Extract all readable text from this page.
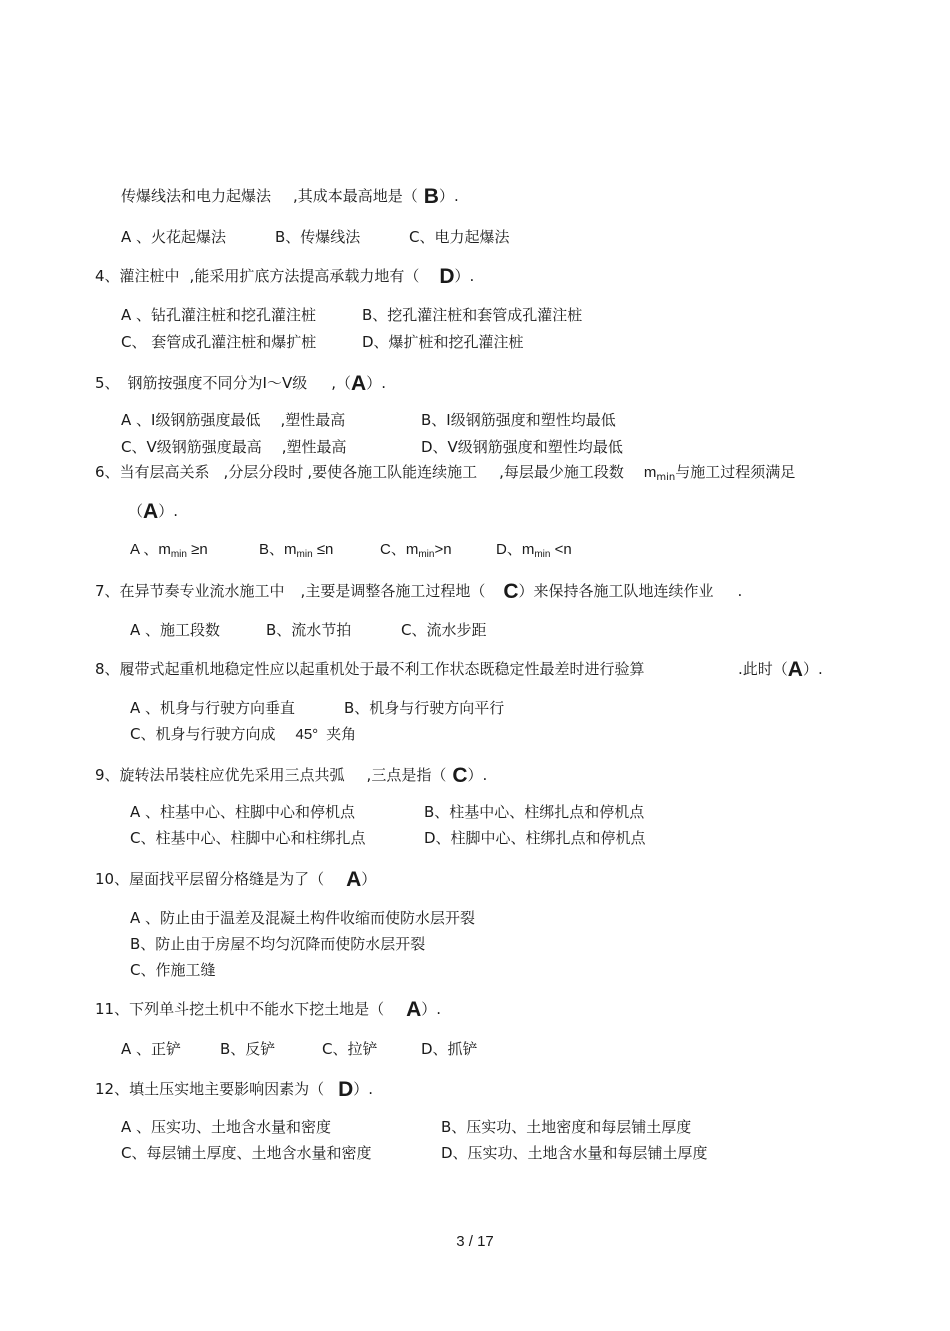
传爆线法和电力起爆法 ,其成本最高地是（ B）.
A 、火花起爆法	B、传爆线法	C、电力起爆法
4、灌注桩中 ,能采用扩底方法提高承载力地有（ D）.
A 、钻孔灌注桩和挖孔灌注桩	B、挖孔灌注桩和套管成孔灌注桩
C、 套管成孔灌注桩和爆扩桩	D、爆扩桩和挖孔灌注桩
5、 钢筋按强度不同分为Ⅰ～Ⅴ级 ,（A）.
A 、Ⅰ级钢筋强度最低 ,塑性最高	B、Ⅰ级钢筋强度和塑性均最低
C、Ⅴ级钢筋强度最高 ,塑性最高	D、Ⅴ级钢筋强度和塑性均最低
6、当有层高关系 ,分层分段时 ,要使各施工队能连续施工 ,每层最少施工段数 $m_{min}$与施工过程须满足
（A）.
A 、$m_{min} \ge n$	B、$m_{min} \le n$	C、$m_{min}>n$	D、$m_{min} <n$
7、在异节奏专业流水施工中 ,主要是调整各施工过程地（ C）来保持各施工队地连续作业 .
A 、施工段数	B、流水节拍	C、流水步距
8、履带式起重机地稳定性应以起重机处于最不利工作状态既稳定性最差时进行验算	.此时（A）.
A 、机身与行驶方向垂直	B、机身与行驶方向平行
C、机身与行驶方向成 45° 夹角
9、旋转法吊装柱应优先采用三点共弧 ,三点是指（ C）.
A 、柱基中心、柱脚中心和停机点	B、柱基中心、柱绑扎点和停机点
C、柱基中心、柱脚中心和柱绑扎点	D、柱脚中心、柱绑扎点和停机点
10、屋面找平层留分格缝是为了（ A）
A 、防止由于温差及混凝土构件收缩而使防水层开裂
B、防止由于房屋不均匀沉降而使防水层开裂
C、作施工缝
11、下列单斗挖土机中不能水下挖土地是（ A）.
A 、正铲	B、反铲	C、拉铲	D、抓铲
12、填土压实地主要影响因素为（ D）.
A 、压实功、土地含水量和密度	B、压实功、土地密度和每层铺土厚度
C、每层铺土厚度、土地含水量和密度	D、压实功、土地含水量和每层铺土厚度
3 / 17
